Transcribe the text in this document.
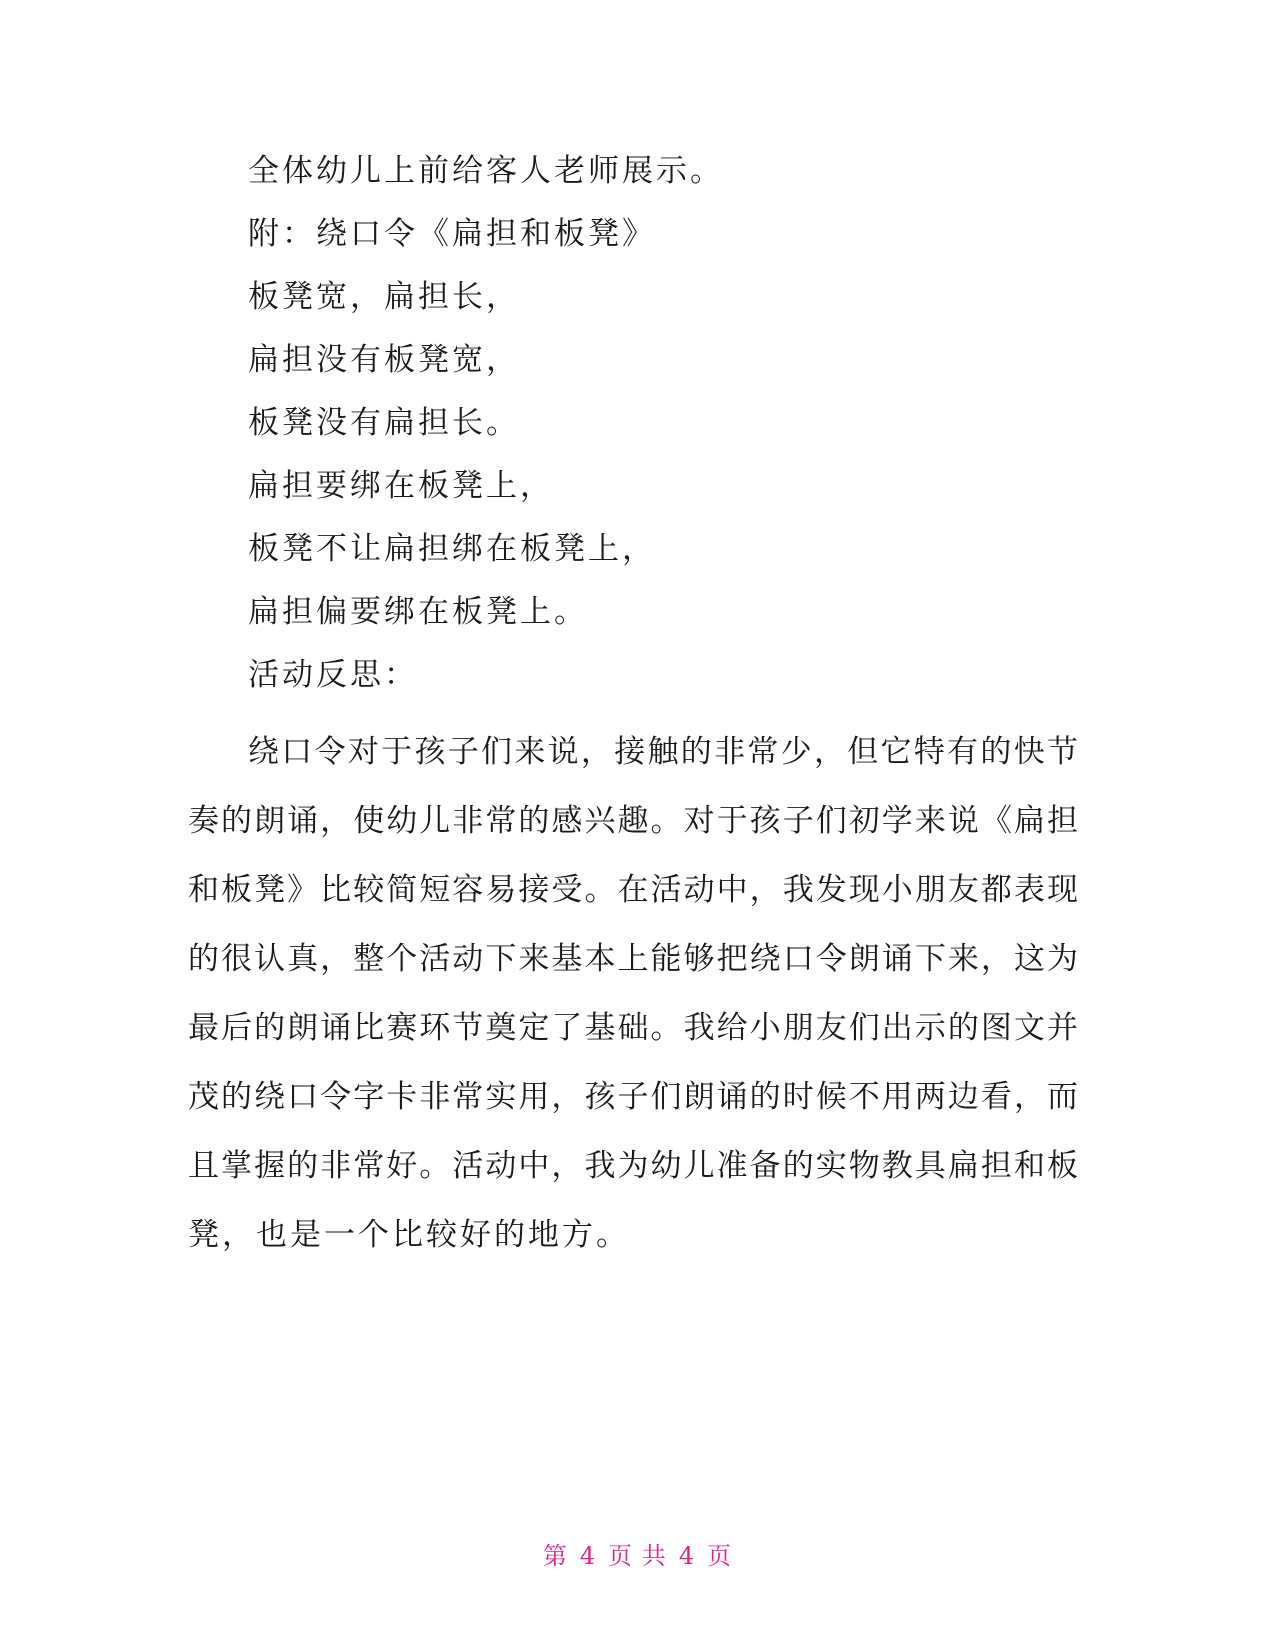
全体幼儿上前给客人老师展示。
附：绕口令《扁担和板凳》
板凳宽，扁担长，
扁担没有板凳宽，
板凳没有扁担长。
扁担要绑在板凳上，
板凳不让扁担绑在板凳上，
扁担偏要绑在板凳上。
活动反思：
绕口令对于孩子们来说，接触的非常少，但它特有的快节
奏的朗诵，使幼儿非常的感兴趣。对于孩子们初学来说《扁担
和板凳》比较简短容易接受。在活动中，我发现小朋友都表现
的很认真，整个活动下来基本上能够把绕口令朗诵下来，这为
最后的朗诵比赛环节奠定了基础。我给小朋友们出示的图文并
茂的绕口令字卡非常实用，孩子们朗诵的时候不用两边看，而
且掌握的非常好。活动中，我为幼儿准备的实物教具扁担和板
凳，也是一个比较好的地方。
第 4 页 共 4 页
